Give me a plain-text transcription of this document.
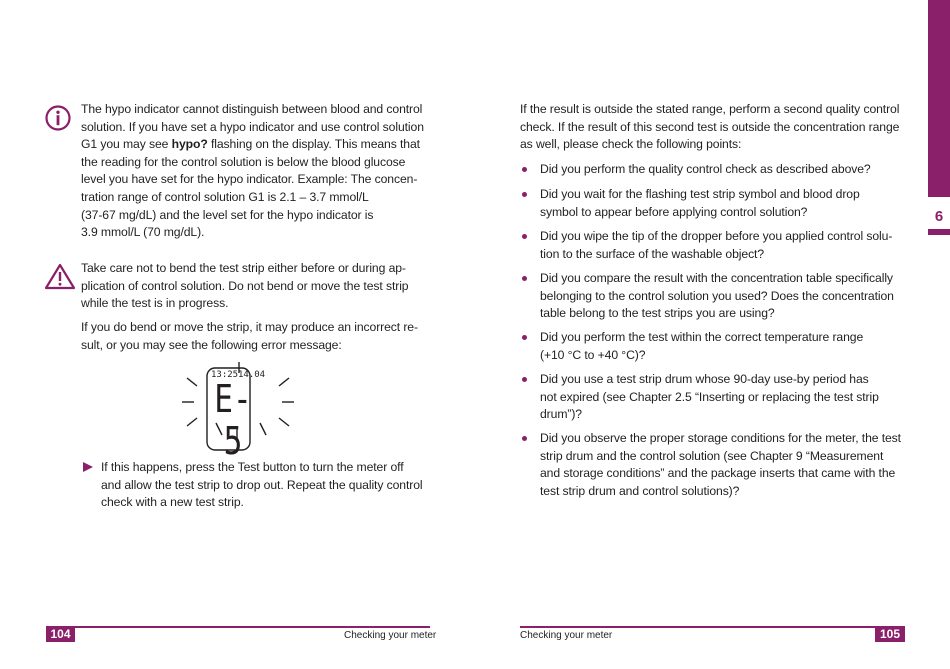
6
The hypo indicator cannot distinguish between blood and control
solution. If you have set a hypo indicator and use control solution
G1 you may see hypo? flashing on the display. This means that
the reading for the control solution is below the blood glucose
level you have set for the hypo indicator. Example: The concen-
tration range of control solution G1 is 2.1 – 3.7 mmol/L
(37-67 mg/dL) and the level set for the hypo indicator is
3.9 mmol/L (70 mg/dL).
Take care not to bend the test strip either before or during ap-
plication of control solution. Do not bend or move the test strip
while the test is in progress.
If you do bend or move the strip, it may produce an incorrect re-
sult, or you may see the following error message:
13:25 14.04
E-5
If this happens, press the Test button to turn the meter off
and allow the test strip to drop out. Repeat the quality control
check with a new test strip.
104	Checking your meter
If the result is outside the stated range, perform a second quality control
check. If the result of this second test is outside the concentration range
as well, please check the following points:
Did you perform the quality control check as described above?
Did you wait for the flashing test strip symbol and blood drop
symbol to appear before applying control solution?
Did you wipe the tip of the dropper before you applied control solu-
tion to the surface of the washable object?
Did you compare the result with the concentration table specifically
belonging to the control solution you used? Does the concentration
table belong to the test strips you are using?
Did you perform the test within the correct temperature range
(+10 °C to +40 °C)?
Did you use a test strip drum whose 90-day use-by period has
not expired (see Chapter 2.5 “Inserting or replacing the test strip
drum”)?
Did you observe the proper storage conditions for the meter, the test
strip drum and the control solution (see Chapter 9 “Measurement
and storage conditions” and the package inserts that came with the
test strip drum and control solutions)?
Checking your meter	105
